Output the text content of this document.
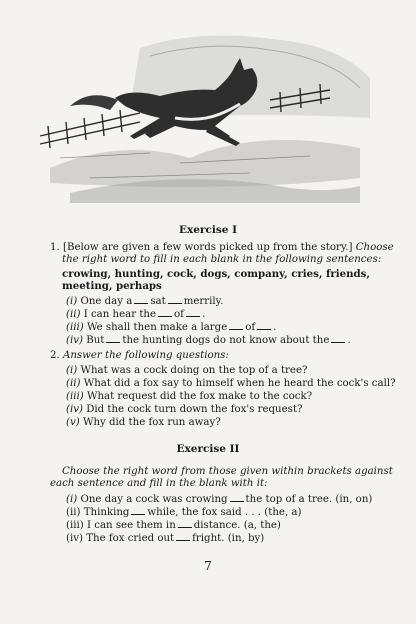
Exercise I
1. [Below are given a few words picked up from the story.] Choose
the right word to fill in each blank in the following sentences:
crowing, hunting, cock, dogs, company, cries, friends,
meeting, perhaps
(i) One day a sat merrily.
(ii) I can hear the of .
(iii) We shall then make a large of .
(iv) But the hunting dogs do not know about the .
2. Answer the following questions:
(i) What was a cock doing on the top of a tree?
(ii) What did a fox say to himself when he heard the cock's call?
(iii) What request did the fox make to the cock?
(iv) Did the cock turn down the fox's request?
(v) Why did the fox run away?
Exercise II
Choose the right word from those given within brackets against
each sentence and fill in the blank with it:
(i) One day a cock was crowing the top of a tree. (in, on)
(ii) Thinking while, the fox said . . . (the, a)
(iii) I can see them in distance. (a, the)
(iv) The fox cried out fright. (in, by)
7
